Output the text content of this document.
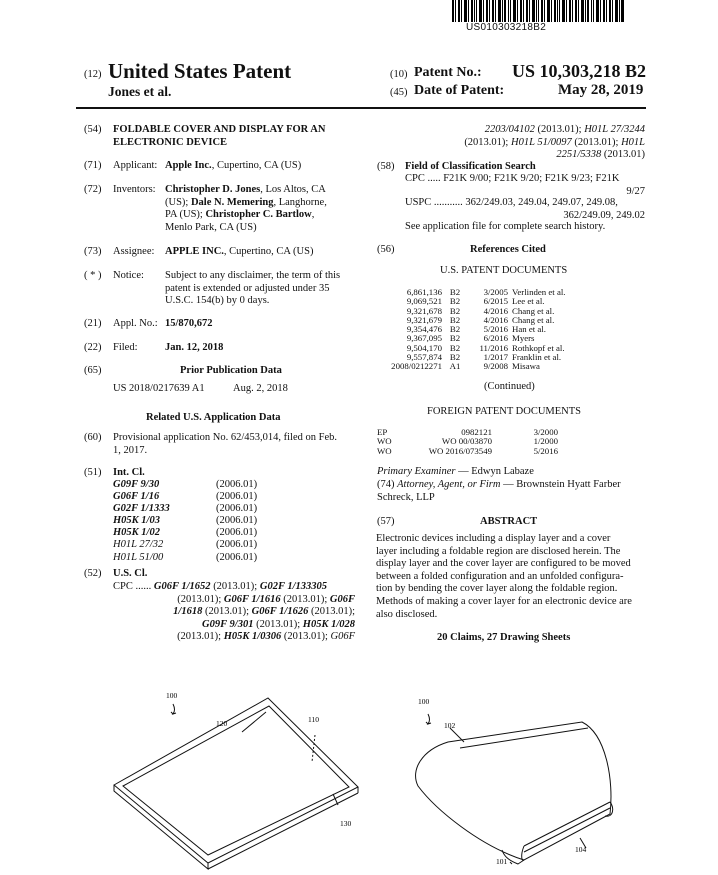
US010303218B2
(12) United States Patent
Jones et al.
(10) Patent No.: US 10,303,218 B2
(45) Date of Patent:	May 28, 2019
(54) FOLDABLE COVER AND DISPLAY FOR AN ELECTRONIC DEVICE
(71) Applicant: Apple Inc., Cupertino, CA (US)
(72) Inventors: Christopher D. Jones, Los Altos, CA
(US); Dale N. Memering, Langhorne,
PA (US); Christopher C. Bartlow,
Menlo Park, CA (US)
(73) Assignee: APPLE INC., Cupertino, CA (US)
( * ) Notice: Subject to any disclaimer, the term of this
patent is extended or adjusted under 35
U.S.C. 154(b) by 0 days.
(21) Appl. No.: 15/870,672
(22) Filed:	Jan. 12, 2018
(65)	Prior Publication Data
US 2018/0217639 A1	Aug. 2, 2018
Related U.S. Application Data
(60) Provisional application No. 62/453,014, filed on Feb.
1, 2017.
(51) Int. Cl.
G09F 9/30	(2006.01)
G06F 1/16	(2006.01)
G02F 1/1333	(2006.01)
H05K 1/03	(2006.01)
H05K 1/02	(2006.01)
H01L 27/32	(2006.01)
H01L 51/00	(2006.01)
(52) U.S. Cl.
CPC ...... G06F 1/1652 (2013.01); G02F 1/133305
(2013.01); G06F 1/1616 (2013.01); G06F
1/1618 (2013.01); G06F 1/1626 (2013.01);
G09F 9/301 (2013.01); H05K 1/028
(2013.01); H05K 1/0306 (2013.01); G06F
2203/04102 (2013.01); H01L 27/3244
(2013.01); H01L 51/0097 (2013.01); H01L
2251/5338 (2013.01)
(58) Field of Classification Search
CPC ..... F21K 9/00; F21K 9/20; F21K 9/23; F21K
9/27
USPC ........... 362/249.03, 249.04, 249.07, 249.08,
362/249.09, 249.02
See application file for complete search history.
(56)	References Cited
U.S. PATENT DOCUMENTS
6,861,136 B2	3/2005 Verlinden et al.
9,069,521 B2	6/2015 Lee et al.
9,321,678 B2	4/2016 Chang et al.
9,321,679 B2	4/2016 Chang et al.
9,354,476 B2	5/2016 Han et al.
9,367,095 B2	6/2016 Myers
9,504,170 B2	11/2016 Rothkopf et al.
9,557,874 B2	1/2017 Franklin et al.
2008/0212271 A1	9/2008 Misawa
(Continued)
FOREIGN PATENT DOCUMENTS
EP	0982121	3/2000
WO	WO 00/03870	1/2000
WO	WO 2016/073549	5/2016
Primary Examiner — Edwyn Labaze
(74) Attorney, Agent, or Firm — Brownstein Hyatt Farber
Schreck, LLP
(57)	ABSTRACT
Electronic devices including a display layer and a cover
layer including a foldable region are disclosed herein. The
display layer and the cover layer are configured to be moved
between a folded configuration and an unfolded configura-
tion by bending the cover layer along the foldable region.
Methods of making a cover layer for an electronic device are
also disclosed.
20 Claims, 27 Drawing Sheets
100
120	110
130
100
102
101
104
